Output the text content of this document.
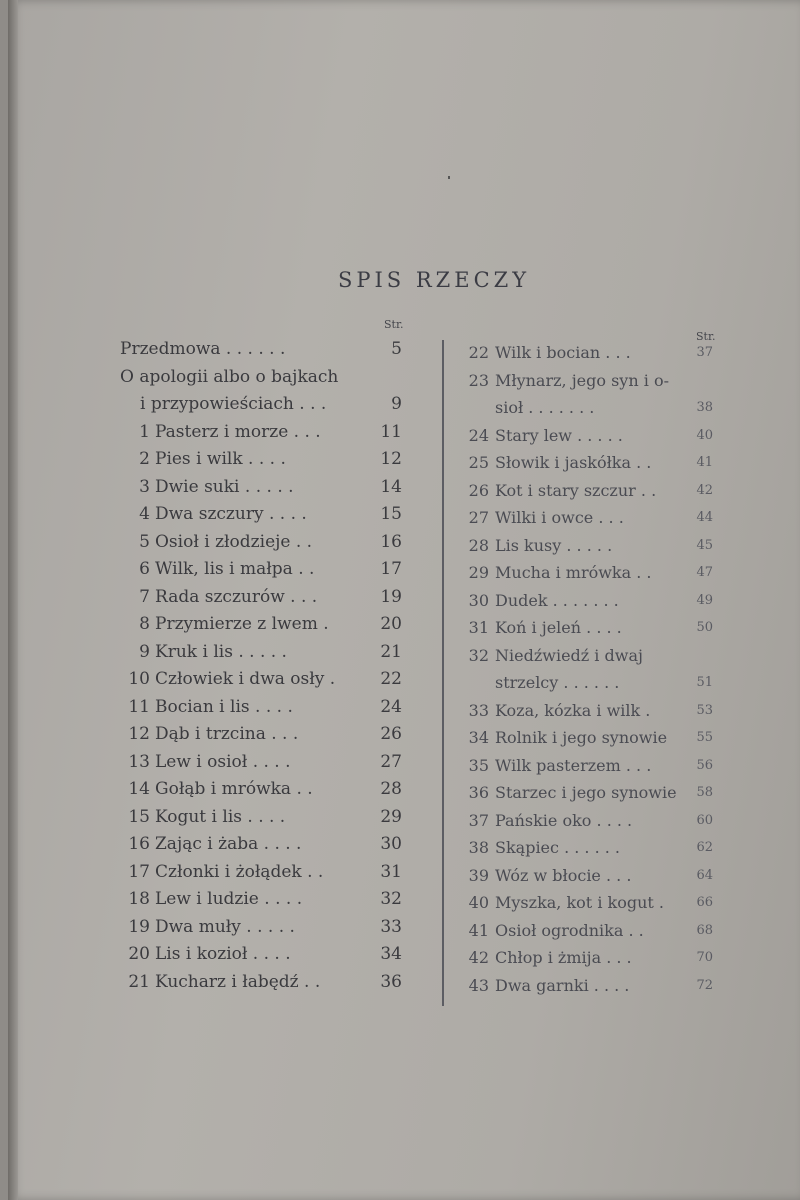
SPIS RZECZY
Str.
Str.
Przedmowa . . . . . .	5
O apologii albo o bajkach
i przypowieściach . . .	9
1 Pasterz i morze . . .	11
2 Pies i wilk . . . .	12
3 Dwie suki . . . . .	14
4 Dwa szczury . . . .	15
5 Osioł i złodzieje . .	16
6 Wilk, lis i małpa . .	17
7 Rada szczurów . . .	19
8 Przymierze z lwem .	20
9 Kruk i lis . . . . .	21
10 Człowiek i dwa osły .	22
11 Bocian i lis . . . .	24
12 Dąb i trzcina . . .	26
13 Lew i osioł . . . .	27
14 Gołąb i mrówka . .	28
15 Kogut i lis . . . .	29
16 Zając i żaba . . . .	30
17 Członki i żołądek . .	31
18 Lew i ludzie . . . .	32
19 Dwa muły . . . . .	33
20 Lis i kozioł . . . .	34
21 Kucharz i łabędź . .	36
22 Wilk i bocian . . .	37
23 Młynarz, jego syn i o-
sioł . . . . . . .	38
24 Stary lew . . . . .	40
25 Słowik i jaskółka . .	41
26 Kot i stary szczur . .	42
27 Wilki i owce . . .	44
28 Lis kusy . . . . .	45
29 Mucha i mrówka . .	47
30 Dudek . . . . . . .	49
31 Koń i jeleń . . . .	50
32 Niedźwiedź i dwaj
strzelcy . . . . . .	51
33 Koza, kózka i wilk .	53
34 Rolnik i jego synowie	55
35 Wilk pasterzem . . .	56
36 Starzec i jego synowie	58
37 Pańskie oko . . . .	60
38 Skąpiec . . . . . .	62
39 Wóz w błocie . . .	64
40 Myszka, kot i kogut .	66
41 Osioł ogrodnika . .	68
42 Chłop i żmija . . .	70
43 Dwa garnki . . . .	72
